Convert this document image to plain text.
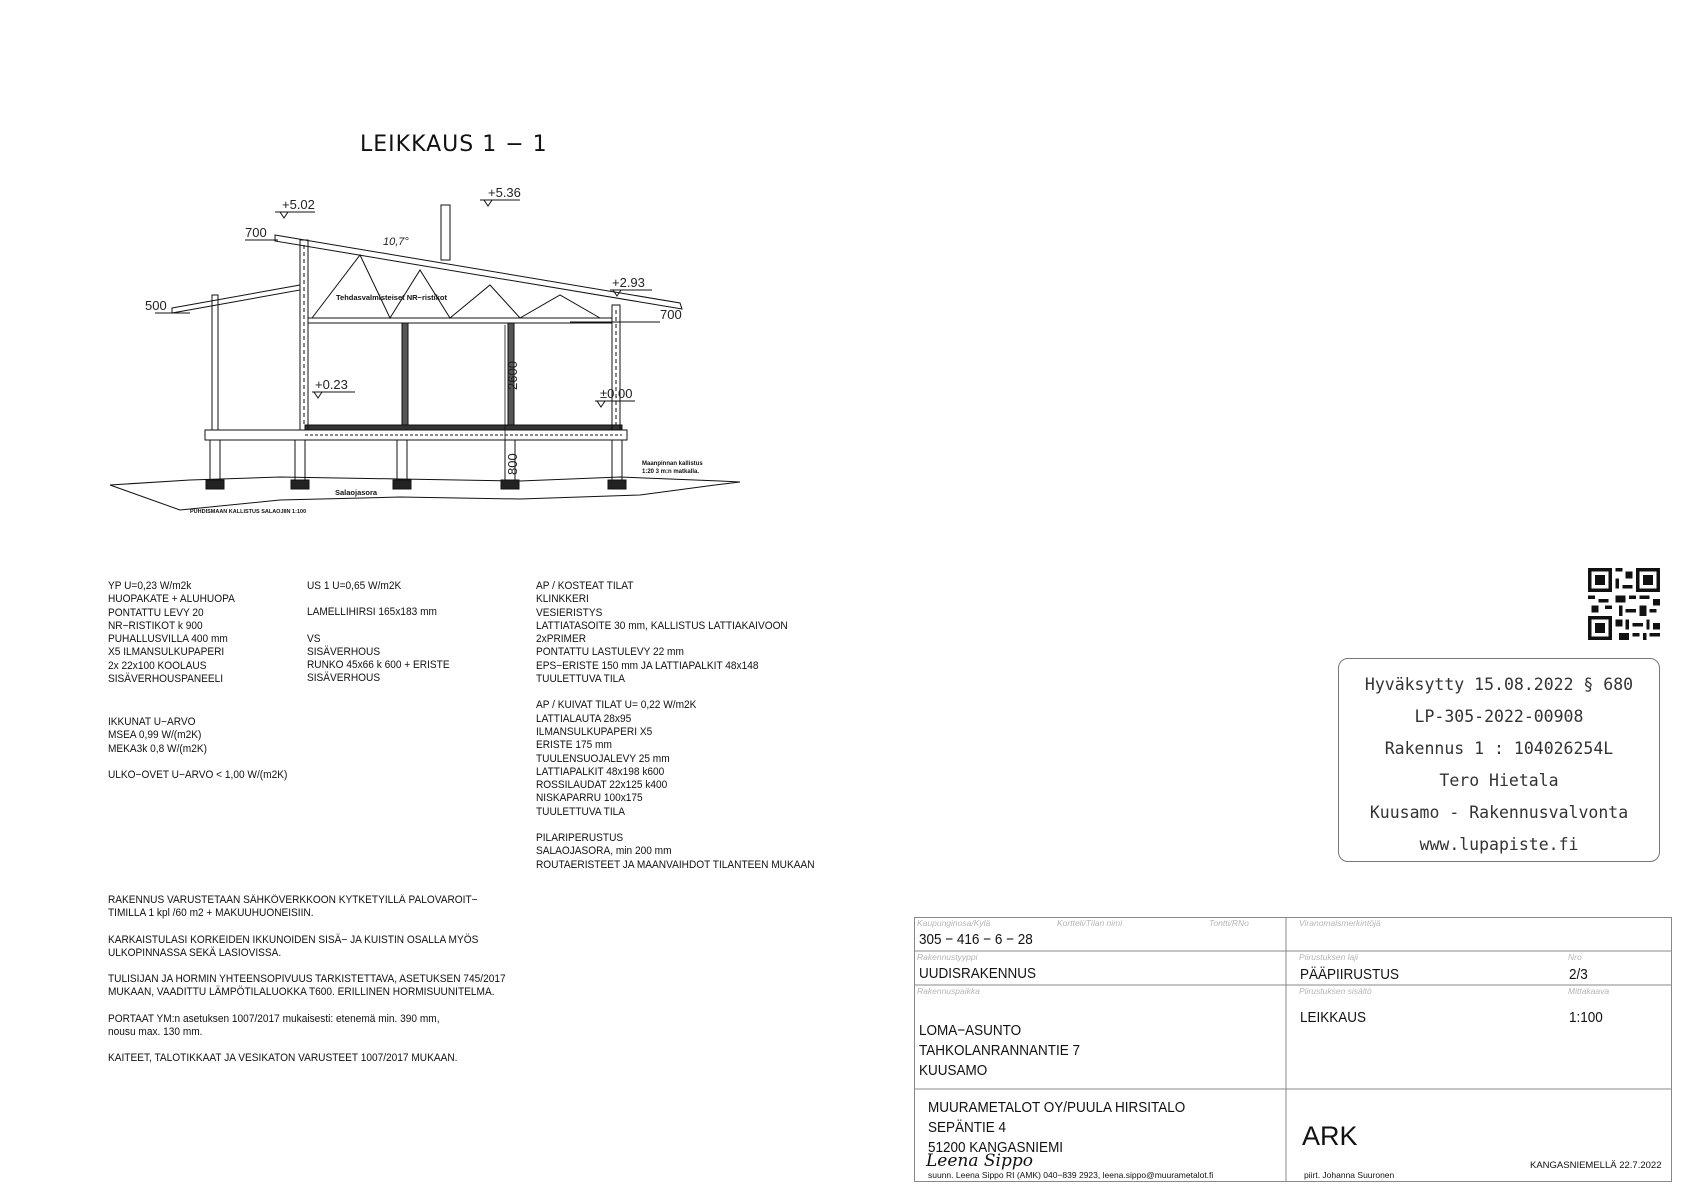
LEIKKAUS 1 − 1
+5.02
+5.36
+2.93
+0.23
±0.00
700
500
700
2600
800
10,7°
Tehdasvalmisteiset NR−ristikot
Salaojasora
Maanpinnan kallistus
1:20 3 m:n matkalla.
PUHDISMAAN KALLISTUS SALAOJIIN 1:100
YP U=0,23 W/m2k
HUOPAKATE + ALUHUOPA
PONTATTU LEVY 20
NR−RISTIKOT k 900
PUHALLUSVILLA 400 mm
X5 ILMANSULKUPAPERI
2x 22x100 KOOLAUS
SISÄVERHOUSPANEELI
IKKUNAT U−ARVO
MSEA 0,99 W/(m2K)
MEKA3k 0,8 W/(m2K)
ULKO−OVET U−ARVO < 1,00 W/(m2K)
US 1 U=0,65 W/m2K
LAMELLIHIRSI 165x183 mm
VS
SISÄVERHOUS
RUNKO 45x66 k 600 + ERISTE
SISÄVERHOUS
AP / KOSTEAT TILAT
KLINKKERI
VESIERISTYS
LATTIATASOITE 30 mm, KALLISTUS LATTIAKAIVOON
2xPRIMER
PONTATTU LASTULEVY 22 mm
EPS−ERISTE 150 mm JA LATTIAPALKIT 48x148
TUULETTUVA TILA
AP / KUIVAT TILAT U= 0,22 W/m2K
LATTIALAUTA 28x95
ILMANSULKUPAPERI X5
ERISTE 175 mm
TUULENSUOJALEVY 25 mm
LATTIAPALKIT 48x198 k600
ROSSILAUDAT 22x125 k400
NISKAPARRU 100x175
TUULETTUVA TILA
PILARIPERUSTUS
SALAOJASORA, min 200 mm
ROUTAERISTEET JA MAANVAIHDOT TILANTEEN MUKAAN
RAKENNUS VARUSTETAAN SÄHKÖVERKKOON KYTKETYILLÄ PALOVAROIT−
TIMILLA 1 kpl /60 m2 + MAKUUHUONEISIIN.
KARKAISTULASI KORKEIDEN IKKUNOIDEN SISÄ− JA KUISTIN OSALLA MYÖS
ULKOPINNASSA SEKÄ LASIOVISSA.
TULISIJAN JA HORMIN YHTEENSOPIVUUS TARKISTETTAVA, ASETUKSEN 745/2017
MUKAAN, VAADITTU LÄMPÖTILALUOKKA T600. ERILLINEN HORMISUUNITELMA.
PORTAAT YM:n asetuksen 1007/2017 mukaisesti: etenemä min. 390 mm,
nousu max. 130 mm.
KAITEET, TALOTIKKAAT JA VESIKATON VARUSTEET 1007/2017 MUKAAN.
Hyväksytty 15.08.2022 § 680
LP-305-2022-00908
Rakennus 1 : 104026254L
Tero Hietala
Kuusamo - Rakennusvalvonta
www.lupapiste.fi
Kaupunginosa/Kylä	Kortteli/Tilan nimi	Tontti/RNo	Viranomaismerkintöjä
305 − 416 − 6 − 28
Rakennustyyppi
UUDISRAKENNUS
Piirustuksen laji
PÄÄPIIRUSTUS
Nro
2/3
Rakennuspaikka
LOMA−ASUNTO
TAHKOLANRANNANTIE 7
KUUSAMO
Piirustuksen sisältö
LEIKKAUS
Mittakaava
1:100
MUURAMETALOT OY/PUULA HIRSITALO
SEPÄNTIE 4
51200 KANGASNIEMI
Leena Sippo
suunn. Leena Sippo RI (AMK) 040−839 2923, leena.sippo@muurametalot.fi
ARK
piirt. Johanna Suuronen
KANGASNIEMELLÄ 22.7.2022
